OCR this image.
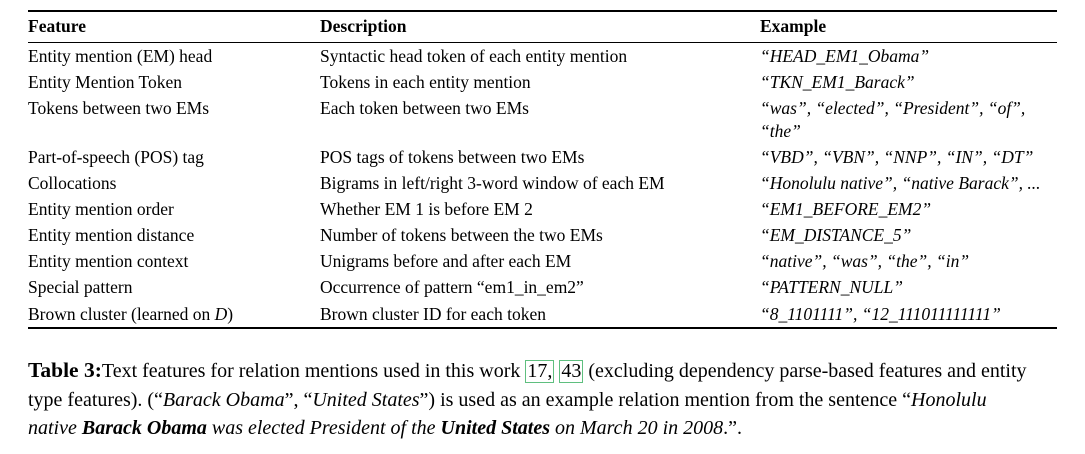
Feature	Description	Example
Entity mention (EM) head	Syntactic head token of each entity mention	“HEAD_EM1_Obama”
Entity Mention Token	Tokens in each entity mention	“TKN_EM1_Barack”
Tokens between two EMs	Each token between two EMs	“was”, “elected”, “President”, “of”, “the”
Part-of-speech (POS) tag	POS tags of tokens between two EMs	“VBD”, “VBN”, “NNP”, “IN”, “DT”
Collocations	Bigrams in left/right 3-word window of each EM	“Honolulu native”, “native Barack”, ...
Entity mention order	Whether EM 1 is before EM 2	“EM1_BEFORE_EM2”
Entity mention distance	Number of tokens between the two EMs	“EM_DISTANCE_5”
Entity mention context	Unigrams before and after each EM	“native”, “was”, “the”, “in”
Special pattern	Occurrence of pattern “em1_in_em2”	“PATTERN_NULL”
Brown cluster (learned on D)	Brown cluster ID for each token	“8_1101111”, “12_111011111111”

Table 3:Text features for relation mentions used in this work 17, 43 (excluding dependency parse-based features and entity type features). (“Barack Obama”, “United States”) is used as an example relation mention from the sentence “Honolulu native Barack Obama was elected President of the United States on March 20 in 2008.”.
